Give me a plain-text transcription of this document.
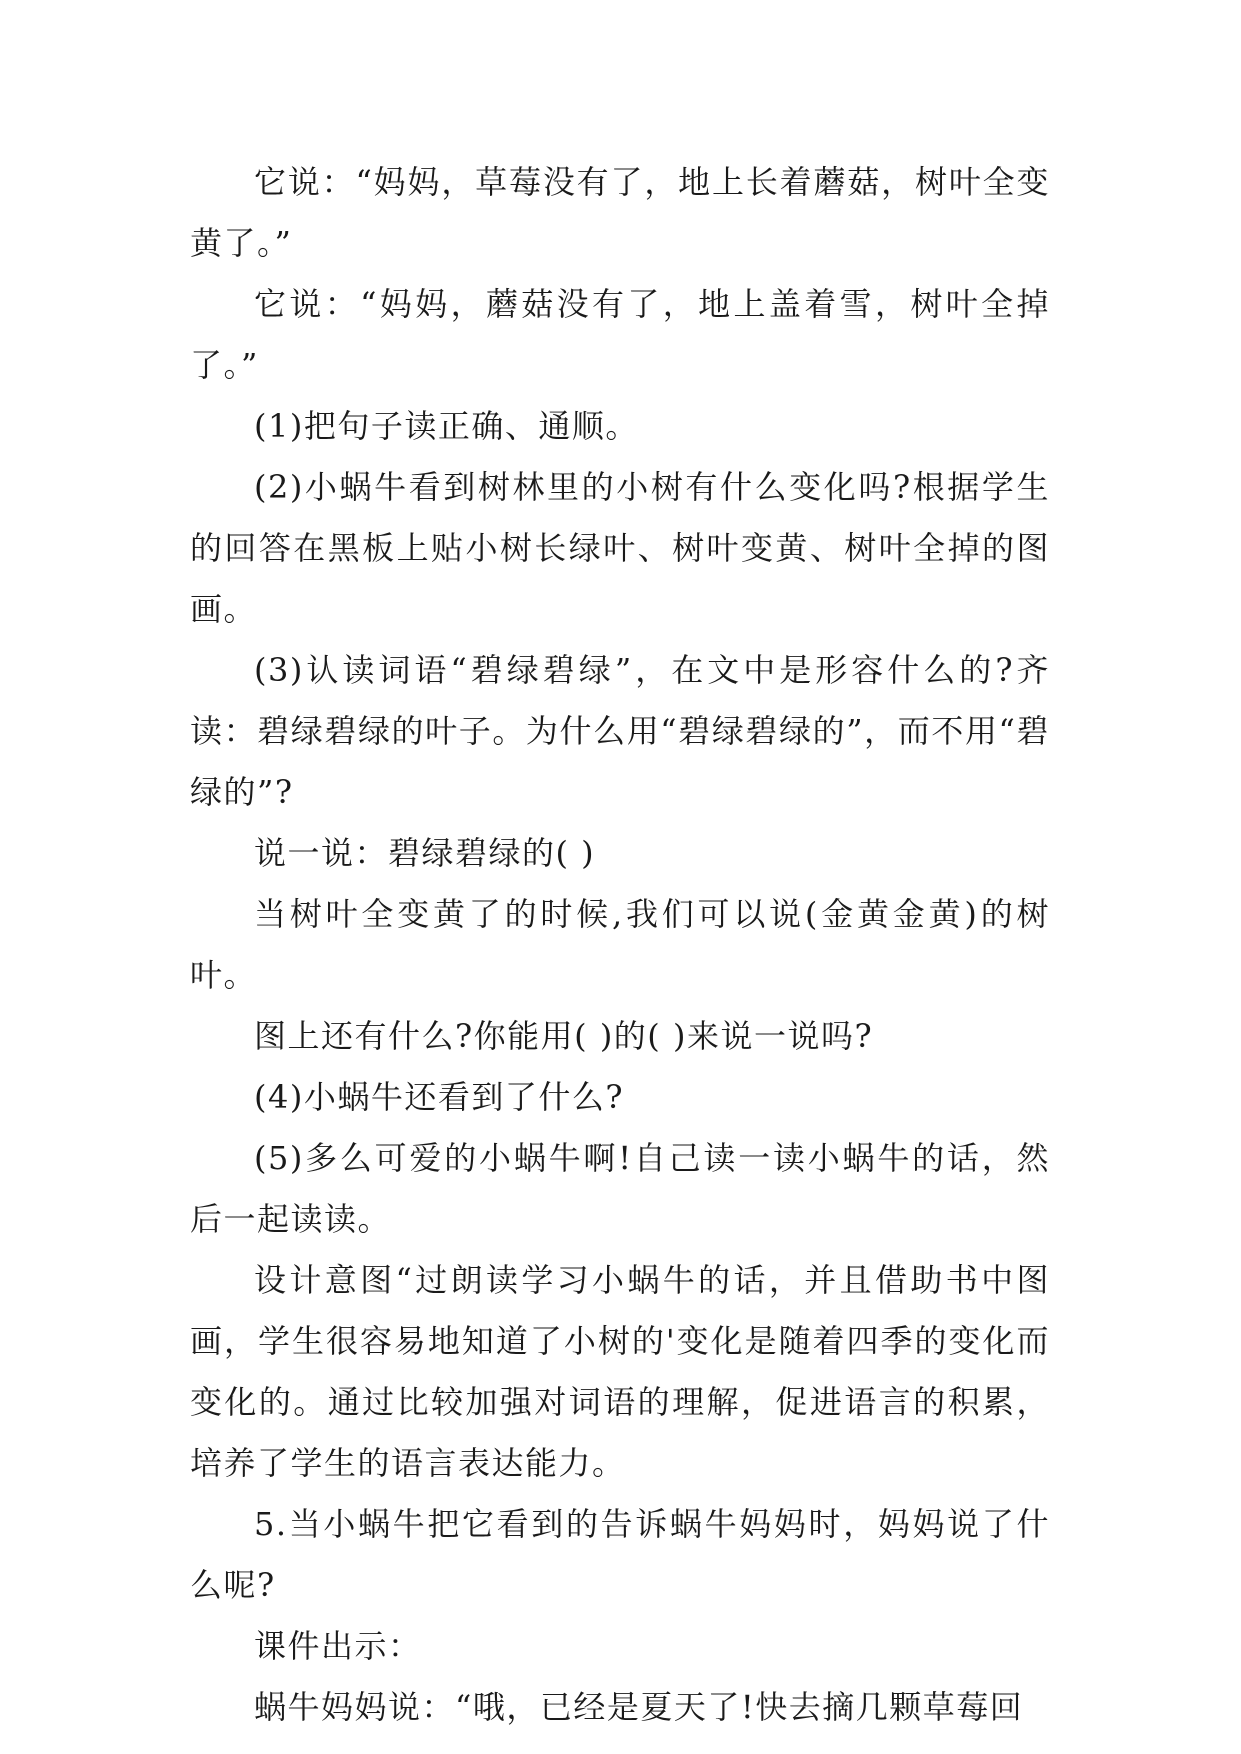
它说：“妈妈，草莓没有了，地上长着蘑菇，树叶全变黄了。”

它说：“妈妈，蘑菇没有了，地上盖着雪，树叶全掉了。”

(1)把句子读正确、通顺。

(2)小蜗牛看到树林里的小树有什么变化吗?根据学生的回答在黑板上贴小树长绿叶、树叶变黄、树叶全掉的图画。

(3)认读词语“碧绿碧绿”，在文中是形容什么的?齐读：碧绿碧绿的叶子。为什么用“碧绿碧绿的”，而不用“碧绿的”?

说一说：碧绿碧绿的( )

当树叶全变黄了的时候,我们可以说(金黄金黄)的树叶。

图上还有什么?你能用( )的( )来说一说吗?

(4)小蜗牛还看到了什么?

(5)多么可爱的小蜗牛啊!自己读一读小蜗牛的话，然后一起读读。

设计意图“过朗读学习小蜗牛的话，并且借助书中图画，学生很容易地知道了小树的'变化是随着四季的变化而变化的。通过比较加强对词语的理解，促进语言的积累，培养了学生的语言表达能力。

5.当小蜗牛把它看到的告诉蜗牛妈妈时，妈妈说了什么呢?

课件出示：

蜗牛妈妈说：“哦，已经是夏天了!快去摘几颗草莓回
